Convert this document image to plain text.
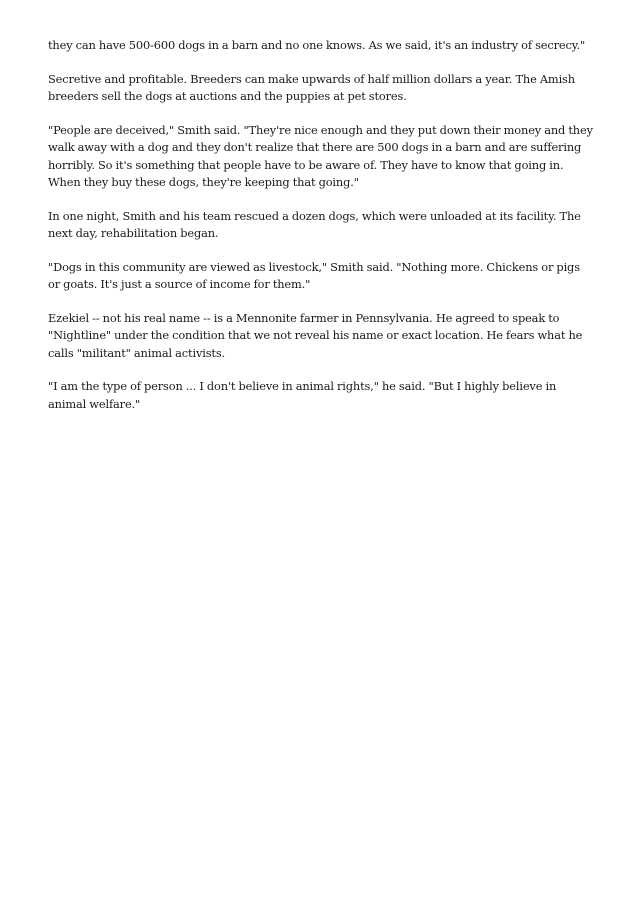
they can have 500-600 dogs in a barn and no one knows. As we said, it's an industry of secrecy."

Secretive and profitable. Breeders can make upwards of half million dollars a year. The Amish breeders sell the dogs at auctions and the puppies at pet stores.

"People are deceived," Smith said. "They're nice enough and they put down their money and they walk away with a dog and they don't realize that there are 500 dogs in a barn and are suffering horribly. So it's something that people have to be aware of. They have to know that going in. When they buy these dogs, they're keeping that going."

In one night, Smith and his team rescued a dozen dogs, which were unloaded at its facility. The next day, rehabilitation began.

"Dogs in this community are viewed as livestock," Smith said. "Nothing more. Chickens or pigs or goats. It's just a source of income for them."

Ezekiel -- not his real name -- is a Mennonite farmer in Pennsylvania. He agreed to speak to "Nightline" under the condition that we not reveal his name or exact location. He fears what he calls "militant" animal activists.

"I am the type of person ... I don't believe in animal rights," he said. "But I highly believe in animal welfare."
